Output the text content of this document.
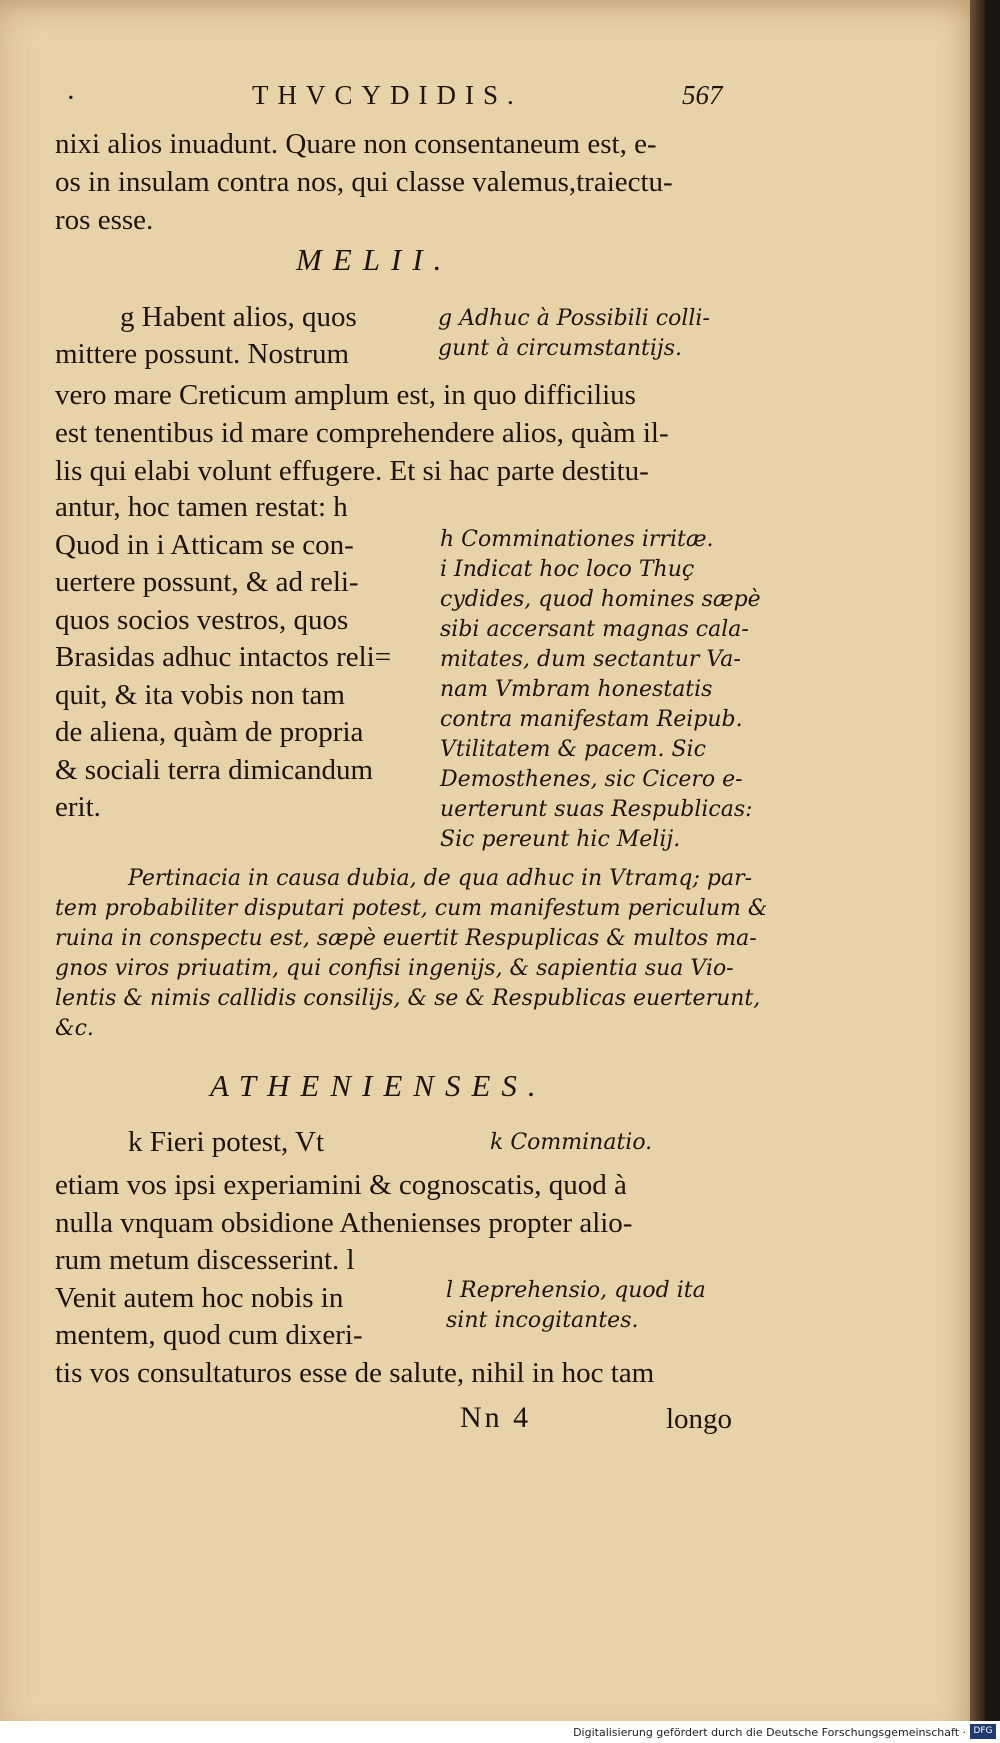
·	THVCYDIDIS.	567
nixi alios inuadunt. Quare non consentaneum est, e-
os in insulam contra nos, qui classe valemus,traiectu-
ros esse.
MELII.
g Habent alios, quos
mittere possunt. Nostrum
g Adhuc à Possibili colli-
gunt à circumstantijs.
vero mare Creticum amplum est, in quo difficilius
est tenentibus id mare comprehendere alios, quàm il-
lis qui elabi volunt effugere. Et si hac parte destitu-
antur, hoc tamen restat: h
Quod in i Atticam se con-
uertere possunt, & ad reli-
quos socios vestros, quos
Brasidas adhuc intactos reli=
quit, & ita vobis non tam
de aliena, quàm de propria
& sociali terra dimicandum
erit.
h Comminationes irritæ.
i Indicat hoc loco Thuç
cydides, quod homines sæpè
sibi accersant magnas cala-
mitates, dum sectantur Va-
nam Vmbram honestatis
contra manifestam Reipub.
Vtilitatem & pacem. Sic
Demosthenes, sic Cicero e-
uerterunt suas Respublicas:
Sic pereunt hic Melij.
Pertinacia in causa dubia, de qua adhuc in Vtramq; par-
tem probabiliter disputari potest, cum manifestum periculum &
ruina in conspectu est, sæpè euertit Respuplicas & multos ma-
gnos viros priuatim, qui confisi ingenijs, & sapientia sua Vio-
lentis & nimis callidis consilijs, & se & Respublicas euerterunt,
&c.
ATHENIENSES.
k Fieri potest, Vt	k Comminatio.
etiam vos ipsi experiamini & cognoscatis, quod à
nulla vnquam obsidione Athenienses propter alio-
rum metum discesserint. l
Venit autem hoc nobis in
mentem, quod cum dixeri-
l Reprehensio, quod ita
sint incogitantes.
tis vos consultaturos esse de salute, nihil in hoc tam
Nn 4	longo
Digitalisierung gefördert durch die Deutsche Forschungsgemeinschaft · DFG
